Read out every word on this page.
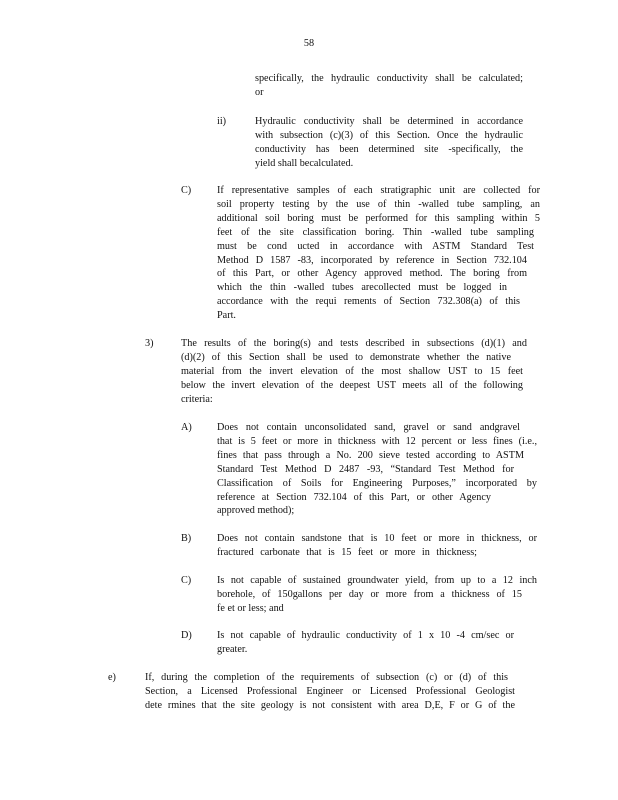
58
specifically, the hydraulic conductivity shall be calculated;
or
ii)	Hydraulic conductivity shall be determined in accordance
with subsection (c)(3) of this Section. Once the hydraulic
conductivity has been determined site -specifically, the
yield shall becalculated.
C)	If representative samples of each stratigraphic unit are collected for
soil property testing by the use of thin -walled tube sampling, an
additional soil boring must be performed for this sampling within 5
feet of the site classification boring. Thin -walled tube sampling
must be cond ucted in accordance with ASTM Standard Test
Method D 1587 -83, incorporated by reference in Section 732.104
of this Part, or other Agency approved method. The boring from
which the thin -walled tubes arecollected must be logged in
accordance with the requi rements of Section 732.308(a) of this
Part.
3)	The results of the boring(s) and tests described in subsections (d)(1) and
(d)(2) of this Section shall be used to demonstrate whether the native
material from the invert elevation of the most shallow UST to 15 feet
below the invert elevation of the deepest UST meets all of the following
criteria:
A) Does not contain unconsolidated sand, gravel or sand andgravel
that is 5 feet or more in thickness with 12 percent or less fines (i.e.,
fines that pass through a No. 200 sieve tested according to ASTM
Standard Test Method D 2487 -93, “Standard Test Method for
Classification of Soils for Engineering Purposes,” incorporated by
reference at Section 732.104 of this Part, or other Agency
approved method);
B)	Does not contain sandstone that is 10 feet or more in thickness, or
fractured carbonate that is 15 feet or more in thickness;
C)	Is not capable of sustained groundwater yield, from up to a 12 inch
borehole, of 150gallons per day or more from a thickness of 15
fe et or less; and
D) Is not capable of hydraulic conductivity of 1 x 10 -4 cm/sec or
greater.
e)	If, during the completion of the requirements of subsection (c) or (d) of this
Section, a Licensed Professional Engineer or Licensed Professional Geologist
dete rmines that the site geology is not consistent with area D,E, F or G of the
